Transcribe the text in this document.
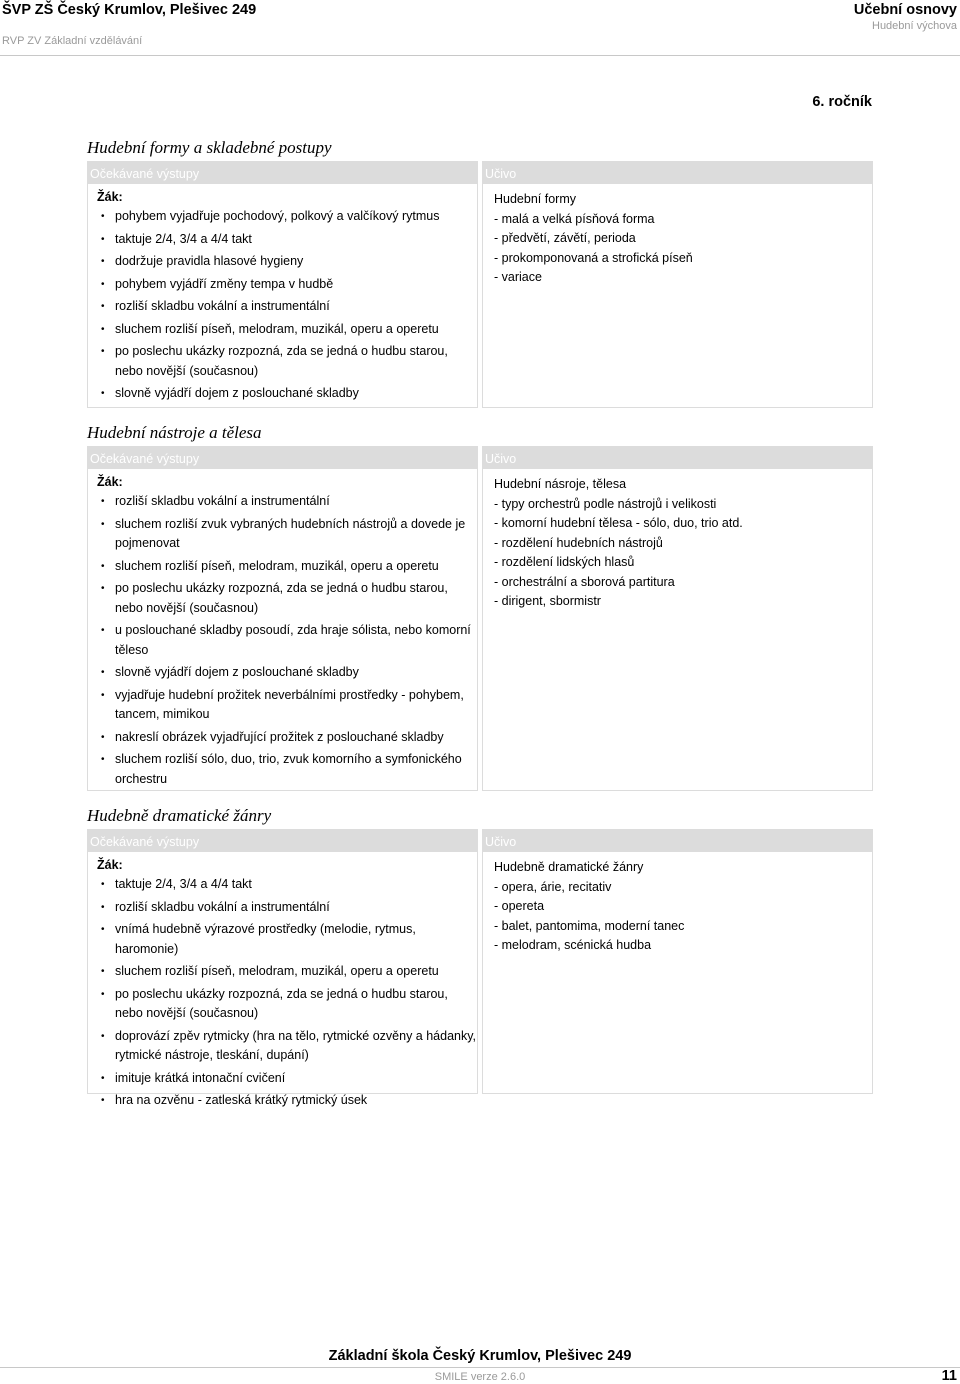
ŠVP ZŠ Český Krumlov, Plešivec 249
RVP ZV Základní vzdělávání
Učební osnovy
Hudební výchova
6. ročník
Hudební formy a skladebné postupy
Očekávané výstupy
Žák:
• pohybem vyjadřuje pochodový, polkový a valčíkový rytmus
• taktuje 2/4, 3/4 a 4/4 takt
• dodržuje pravidla hlasové hygieny
• pohybem vyjádří změny tempa v hudbě
• rozliší skladbu vokální a instrumentální
• sluchem rozliší píseň, melodram, muzikál, operu a operetu
• po poslechu ukázky rozpozná, zda se jedná o hudbu starou, nebo novější (současnou)
• slovně vyjádří dojem z poslouchané skladby
Učivo
Hudební formy
- malá a velká písňová forma
- předvětí, závětí, perioda
- prokomponovaná a strofická píseň
- variace
Hudební nástroje a tělesa
Očekávané výstupy
Žák:
• rozliší skladbu vokální a instrumentální
• sluchem rozliší zvuk vybraných hudebních nástrojů a dovede je pojmenovat
• sluchem rozliší píseň, melodram, muzikál, operu a operetu
• po poslechu ukázky rozpozná, zda se jedná o hudbu starou, nebo novější (současnou)
• u poslouchané skladby posoudí, zda hraje sólista, nebo komorní těleso
• slovně vyjádří dojem z poslouchané skladby
• vyjadřuje hudební prožitek neverbálními prostředky - pohybem, tancem, mimikou
• nakreslí obrázek vyjadřující prožitek z poslouchané skladby
• sluchem rozliší sólo, duo, trio, zvuk komorního a symfonického orchestru
Učivo
Hudební násroje, tělesa
- typy orchestrů podle nástrojů i velikosti
- komorní hudební tělesa - sólo, duo, trio atd.
- rozdělení hudebních nástrojů
- rozdělení lidských hlasů
- orchestrální a sborová partitura
- dirigent, sbormistr
Hudebně dramatické žánry
Očekávané výstupy
Žák:
• taktuje 2/4, 3/4 a 4/4 takt
• rozliší skladbu vokální a instrumentální
• vnímá hudebně výrazové prostředky (melodie, rytmus, haromonie)
• sluchem rozliší píseň, melodram, muzikál, operu a operetu
• po poslechu ukázky rozpozná, zda se jedná o hudbu starou, nebo novější (současnou)
• doprovází zpěv rytmicky (hra na tělo, rytmické ozvěny a hádanky, rytmické nástroje, tleskání, dupání)
• imituje krátká intonační cvičení
• hra na ozvěnu - zatleská krátký rytmický úsek
Učivo
Hudebně dramatické žánry
- opera, árie, recitativ
- opereta
- balet, pantomima, moderní tanec
- melodram, scénická hudba
Základní škola Český Krumlov, Plešivec 249
SMILE verze 2.6.0	11
